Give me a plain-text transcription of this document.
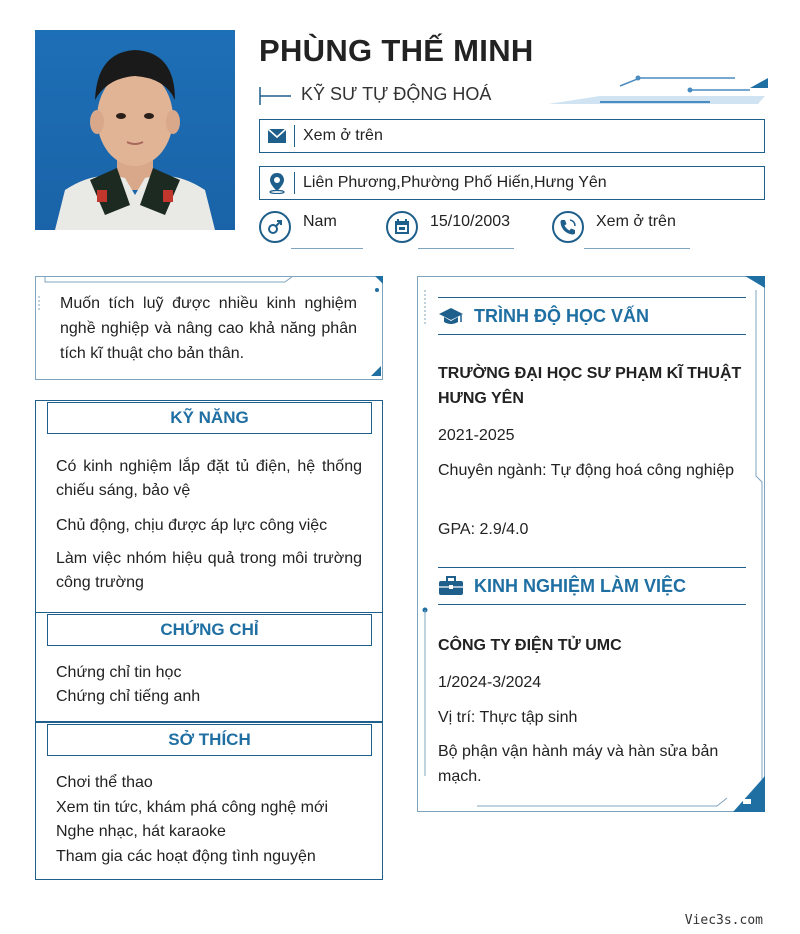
PHÙNG THẾ MINH
KỸ SƯ TỰ ĐỘNG HOÁ
Xem ở trên
Liên Phương,Phường Phố Hiến,Hưng Yên
Nam	15/10/2003	Xem ở trên
Muốn tích luỹ được nhiều kinh nghiệm nghề nghiệp và nâng cao khả năng phân tích kĩ thuật cho bản thân.
KỸ NĂNG
Có kinh nghiệm lắp đặt tủ điện, hệ thống chiếu sáng, bảo vệ
Chủ động, chịu được áp lực công việc
Làm việc nhóm hiệu quả trong môi trường công trường
CHỨNG CHỈ
Chứng chỉ tin học
Chứng chỉ tiếng anh
SỞ THÍCH
Chơi thể thao
Xem tin tức, khám phá công nghệ mới
Nghe nhạc, hát karaoke
Tham gia các hoạt động tình nguyện
TRÌNH ĐỘ HỌC VẤN
TRƯỜNG ĐẠI HỌC SƯ PHẠM KĨ THUẬT HƯNG YÊN
2021-2025
Chuyên ngành: Tự động hoá công nghiệp
GPA: 2.9/4.0
KINH NGHIỆM LÀM VIỆC
CÔNG TY ĐIỆN TỬ UMC
1/2024-3/2024
Vị trí: Thực tập sinh
Bộ phận vận hành máy và hàn sửa bản mạch.
Viec3s.com
